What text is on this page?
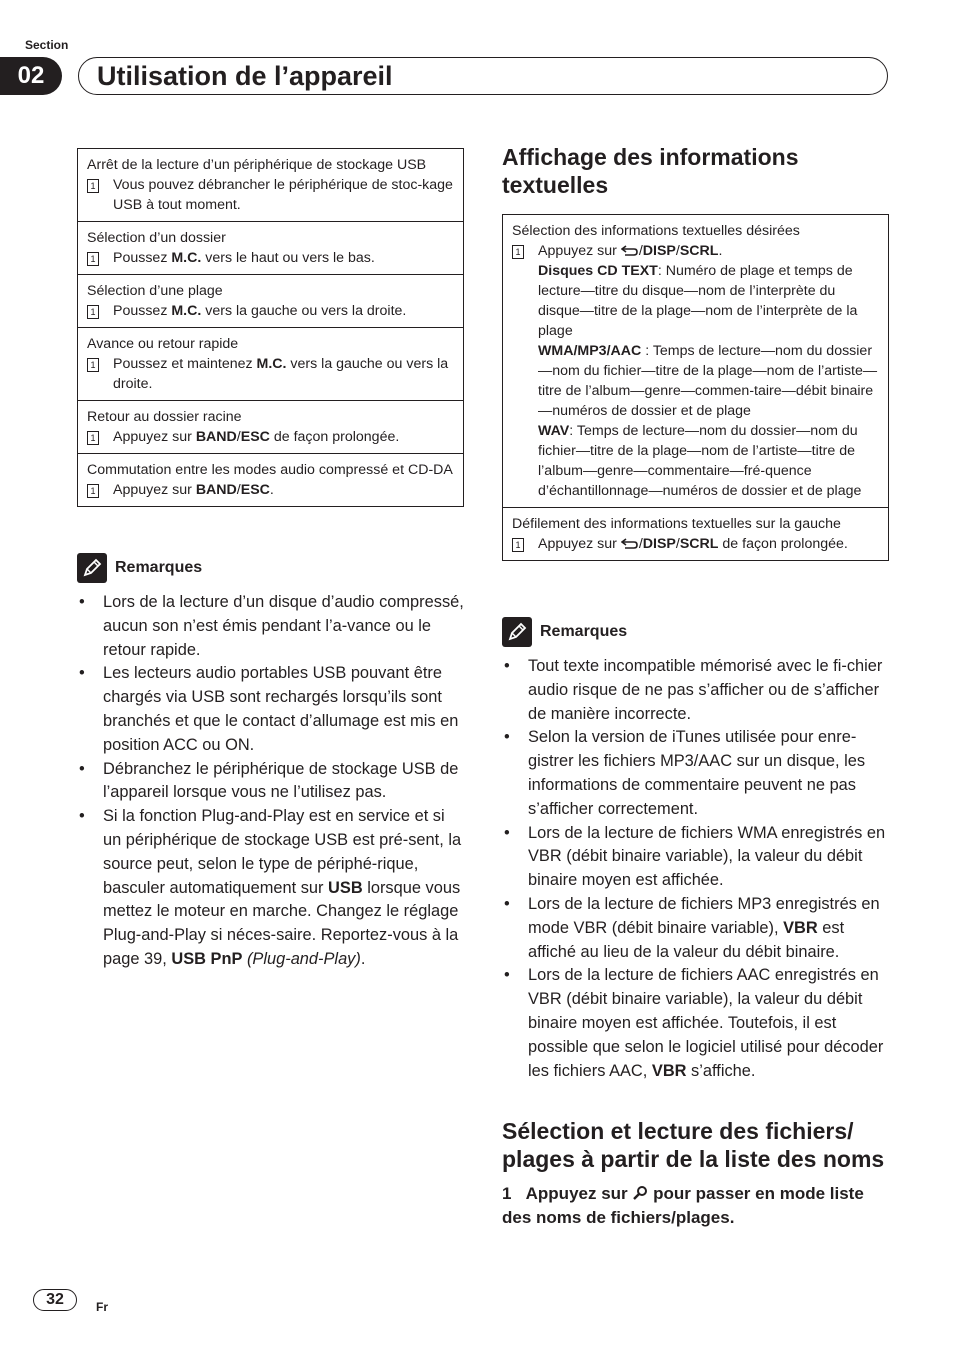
Section
02	Utilisation de l’appareil
Arrêt de la lecture d’un périphérique de stockage USB
1 Vous pouvez débrancher le périphérique de stoc-kage USB à tout moment.
Sélection d’un dossier
1 Poussez M.C. vers le haut ou vers le bas.
Sélection d’une plage
1 Poussez M.C. vers la gauche ou vers la droite.
Avance ou retour rapide
1 Poussez et maintenez M.C. vers la gauche ou vers la droite.
Retour au dossier racine
1 Appuyez sur BAND/ESC de façon prolongée.
Commutation entre les modes audio compressé et CD-DA
1 Appuyez sur BAND/ESC.
Remarques
• Lors de la lecture d’un disque d’audio compressé, aucun son n’est émis pendant l’a-vance ou le retour rapide.
• Les lecteurs audio portables USB pouvant être chargés via USB sont rechargés lorsqu’ils sont branchés et que le contact d’allumage est mis en position ACC ou ON.
• Débranchez le périphérique de stockage USB de l’appareil lorsque vous ne l’utilisez pas.
• Si la fonction Plug-and-Play est en service et si un périphérique de stockage USB est pré-sent, la source peut, selon le type de périphé-rique, basculer automatiquement sur USB lorsque vous mettez le moteur en marche. Changez le réglage Plug-and-Play si néces-saire. Reportez-vous à la page 39, USB PnP (Plug-and-Play).
Affichage des informations textuelles
Sélection des informations textuelles désirées
1 Appuyez sur /DISP/SCRL.
Disques CD TEXT: Numéro de plage et temps de lecture—titre du disque—nom de l’interprète du disque—titre de la plage—nom de l’interprète de la plage
WMA/MP3/AAC : Temps de lecture—nom du dossier—nom du fichier—titre de la plage—nom de l’artiste—titre de l’album—genre—commen-taire—débit binaire—numéros de dossier et de plage
WAV: Temps de lecture—nom du dossier—nom du fichier—titre de la plage—nom de l’artiste—titre de l’album—genre—commentaire—fré-quence d’échantillonnage—numéros de dossier et de plage
Défilement des informations textuelles sur la gauche
1 Appuyez sur /DISP/SCRL de façon prolongée.
Remarques
• Tout texte incompatible mémorisé avec le fi-chier audio risque de ne pas s’afficher ou de s’afficher de manière incorrecte.
• Selon la version de iTunes utilisée pour enre-gistrer les fichiers MP3/AAC sur un disque, les informations de commentaire peuvent ne pas s’afficher correctement.
• Lors de la lecture de fichiers WMA enregistrés en VBR (débit binaire variable), la valeur du débit binaire moyen est affichée.
• Lors de la lecture de fichiers MP3 enregistrés en mode VBR (débit binaire variable), VBR est affiché au lieu de la valeur du débit binaire.
• Lors de la lecture de fichiers AAC enregistrés en VBR (débit binaire variable), la valeur du débit binaire moyen est affichée. Toutefois, il est possible que selon le logiciel utilisé pour décoder les fichiers AAC, VBR s’affiche.
Sélection et lecture des fichiers/ plages à partir de la liste des noms
1 Appuyez sur  pour passer en mode liste des noms de fichiers/plages.
32	Fr
